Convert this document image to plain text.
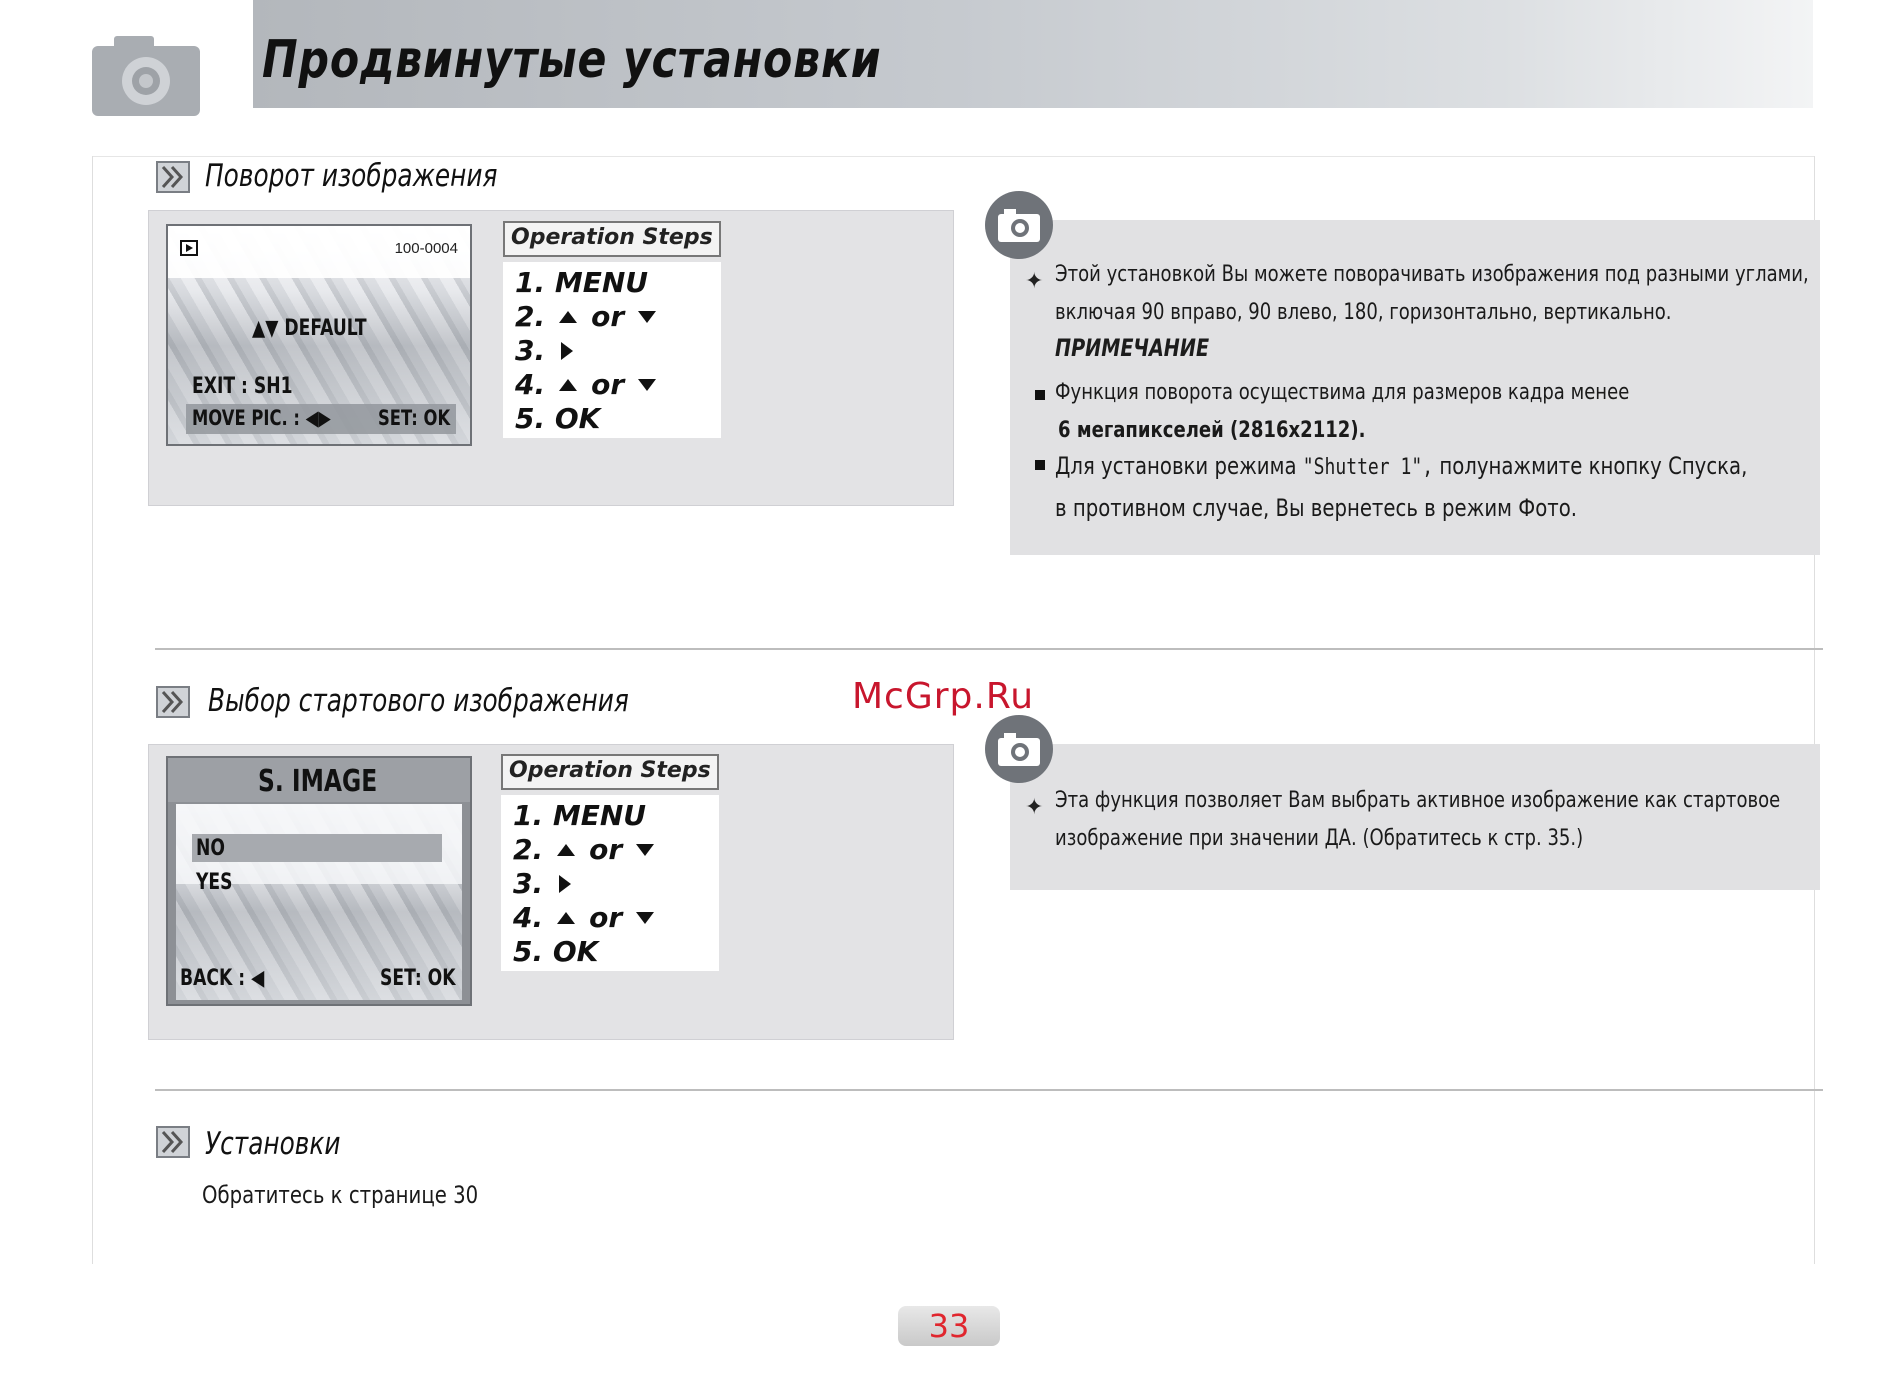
Продвинутые установки
Поворот изображения
100-0004
▲▼ DEFAULT
EXIT : SH1
MOVE PIC. : ◀▶ SET: OK
Operation Steps
1. MENU
2. or
3.
4. or
5. OK
✦ Этой установкой Вы можете поворачивать изображения под разными углами, включая 90 вправо, 90 влево, 180, горизонтально, вертикально.
ПРИМЕЧАНИЕ
Функция поворота осуществима для размеров кадра менее
6 мегапикселей (2816x2112).
Для установки режима "Shutter 1", полунажмите кнопку Спуска, в противном случае, Вы вернетесь в режим Фото.
Выбор стартового изображения	McGrp.Ru
S. IMAGE
NO
YES
BACK : ◀	SET: OK
Operation Steps
1. MENU
2. or
3.
4. or
5. OK
✦ Эта функция позволяет Вам выбрать активное изображение как стартовое изображение при значении ДА. (Обратитесь к стр. 35.)
Установки
Обратитесь к странице 30
33
